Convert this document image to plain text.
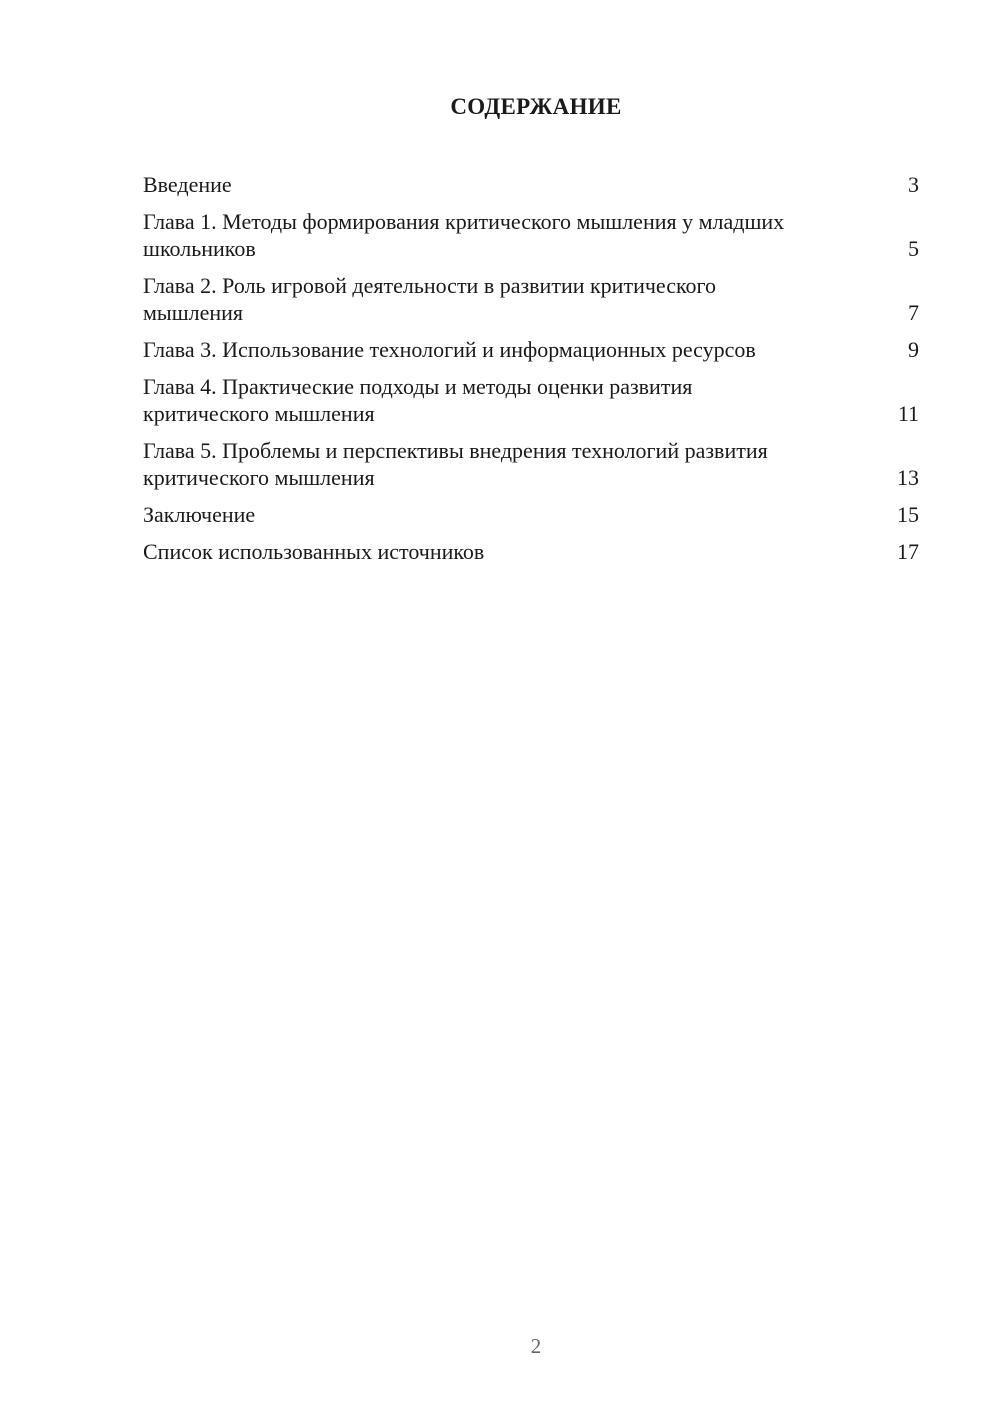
СОДЕРЖАНИЕ
Введение	3
Глава 1. Методы формирования критического мышления у младших школьников	5
Глава 2. Роль игровой деятельности в развитии критического мышления	7
Глава 3. Использование технологий и информационных ресурсов	9
Глава 4. Практические подходы и методы оценки развития критического мышления	11
Глава 5. Проблемы и перспективы внедрения технологий развития критического мышления	13
Заключение	15
Список использованных источников	17
2
